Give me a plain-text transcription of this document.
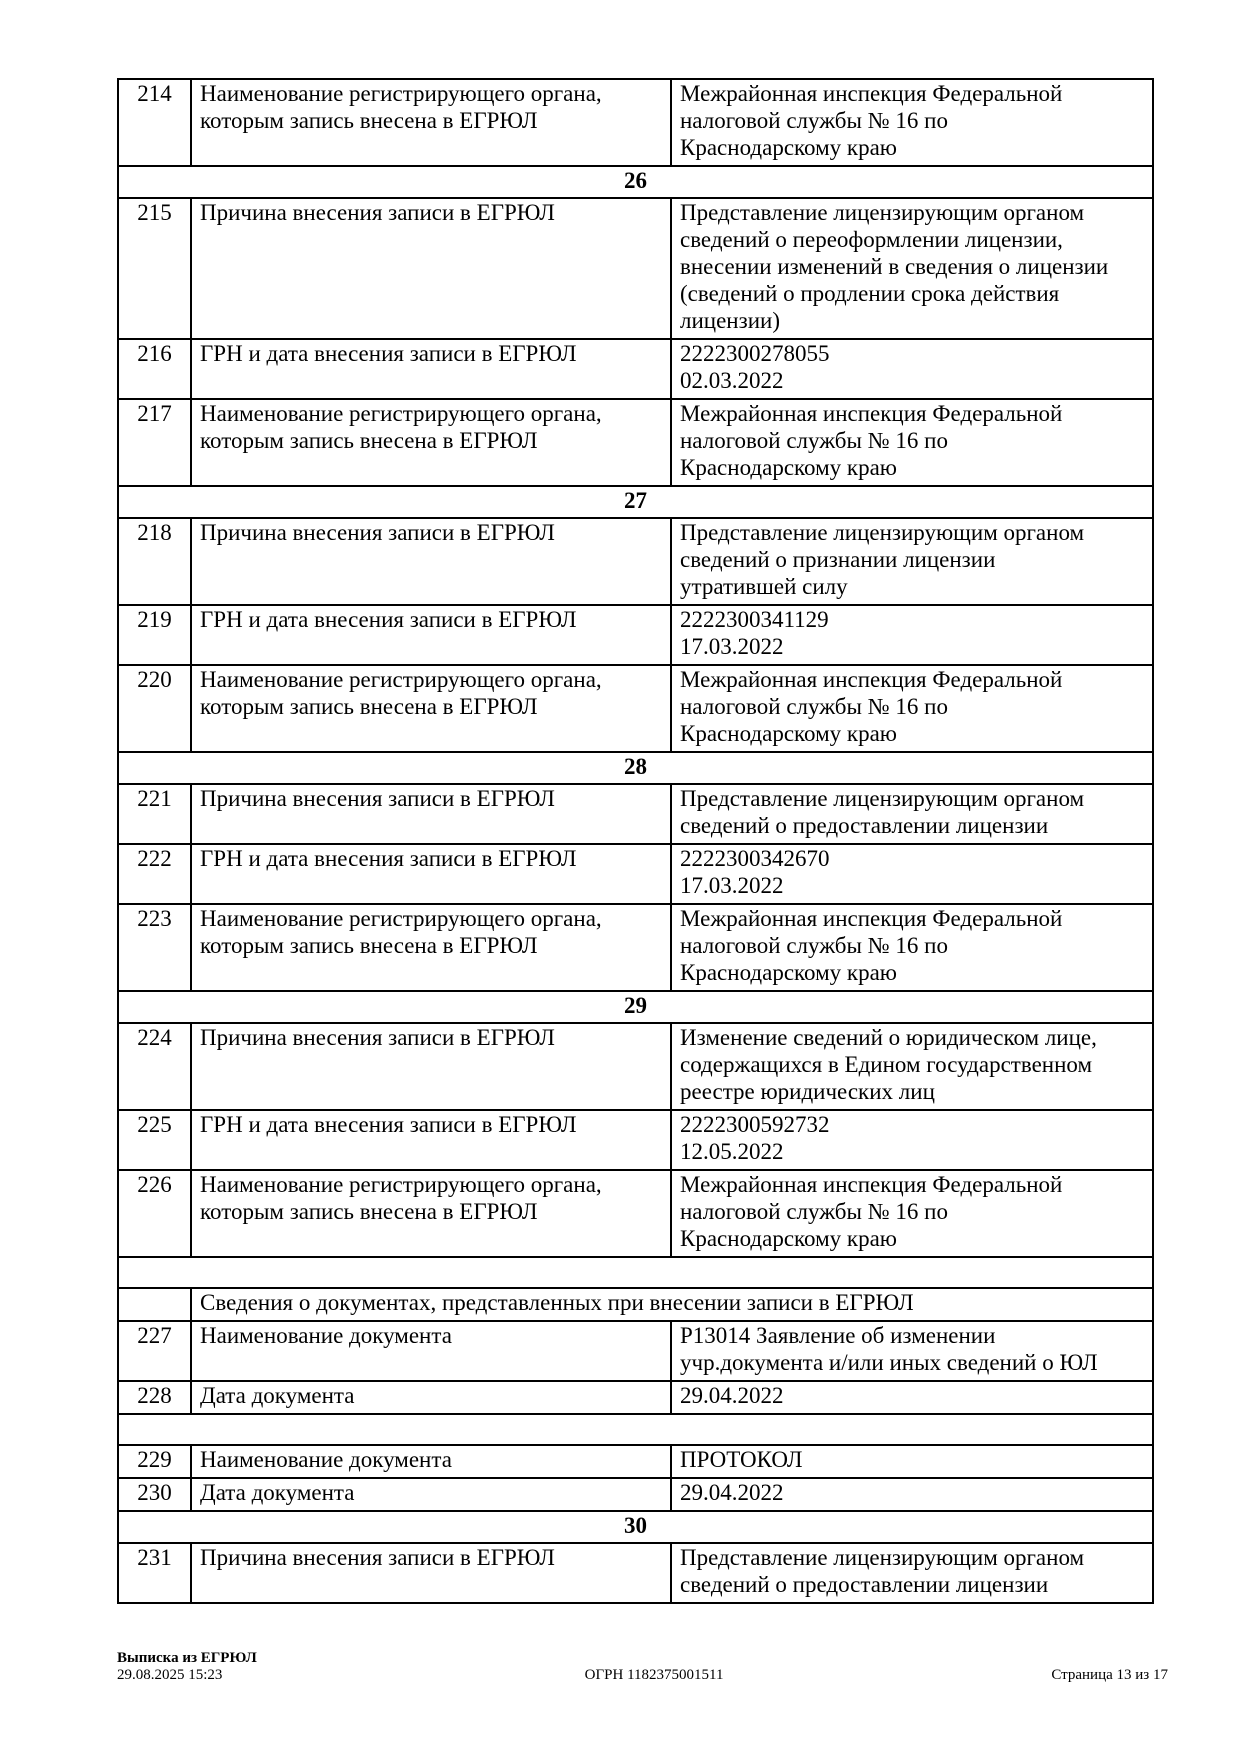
214	Наименование регистрирующего органа,
которым запись внесена в ЕГРЮЛ	Межрайонная инспекция Федеральной
налоговой службы № 16 по
Краснодарскому краю
26		
215	Причина внесения записи в ЕГРЮЛ	Представление лицензирующим органом
сведений о переоформлении лицензии,
внесении изменений в сведения о лицензии
(сведений о продлении срока действия
лицензии)
216	ГРН и дата внесения записи в ЕГРЮЛ	2222300278055
02.03.2022
217	Наименование регистрирующего органа,
которым запись внесена в ЕГРЮЛ	Межрайонная инспекция Федеральной
налоговой службы № 16 по
Краснодарскому краю
27		
218	Причина внесения записи в ЕГРЮЛ	Представление лицензирующим органом
сведений о признании лицензии
утратившей силу
219	ГРН и дата внесения записи в ЕГРЮЛ	2222300341129
17.03.2022
220	Наименование регистрирующего органа,
которым запись внесена в ЕГРЮЛ	Межрайонная инспекция Федеральной
налоговой службы № 16 по
Краснодарскому краю
28		
221	Причина внесения записи в ЕГРЮЛ	Представление лицензирующим органом
сведений о предоставлении лицензии
222	ГРН и дата внесения записи в ЕГРЮЛ	2222300342670
17.03.2022
223	Наименование регистрирующего органа,
которым запись внесена в ЕГРЮЛ	Межрайонная инспекция Федеральной
налоговой службы № 16 по
Краснодарскому краю
29		
224	Причина внесения записи в ЕГРЮЛ	Изменение сведений о юридическом лице,
содержащихся в Едином государственном
реестре юридических лиц
225	ГРН и дата внесения записи в ЕГРЮЛ	2222300592732
12.05.2022
226	Наименование регистрирующего органа,
которым запись внесена в ЕГРЮЛ	Межрайонная инспекция Федеральной
налоговой службы № 16 по
Краснодарскому краю

	Сведения о документах, представленных при внесении записи в ЕГРЮЛ	
227	Наименование документа	Р13014 Заявление об изменении
учр.документа и/или иных сведений о ЮЛ
228	Дата документа	29.04.2022

229	Наименование документа	ПРОТОКОЛ
230	Дата документа	29.04.2022
30		
231	Причина внесения записи в ЕГРЮЛ	Представление лицензирующим органом
сведений о предоставлении лицензии
Выписка из ЕГРЮЛ
29.08.2025 15:23	ОГРН 1182375001511	Страница 13 из 17
